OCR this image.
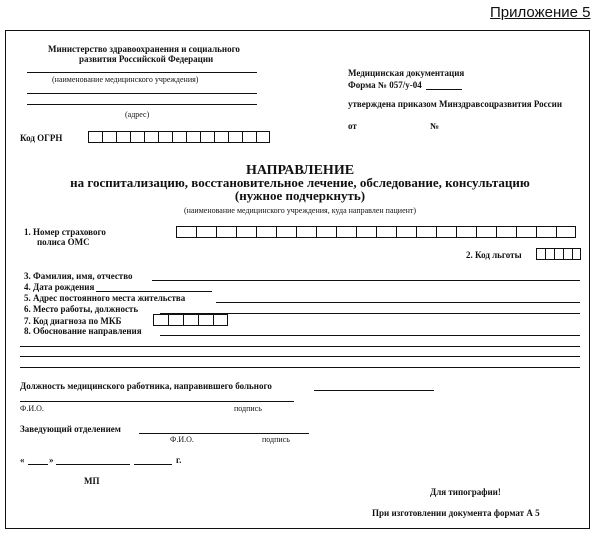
Приложение 5
Министерство здравоохранения и социального
развития Российской Федерации
(наименование медицинского учреждения)
(адрес)
Медицинская документация
Форма № 057/у-04
утверждена приказом Минздравсоцразвития России
от	№
Код ОГРН
НАПРАВЛЕНИЕ
на госпитализацию, восстановительное лечение, обследование, консультацию
(нужное подчеркнуть)
(наименование медицинского учреждения, куда направлен пациент)
1. Номер страхового
полиса ОМС
2. Код льготы
3. Фамилия, имя, отчество
4. Дата рождения
5. Адрес постоянного места жительства
6. Место работы, должность
7. Код диагноза по МКБ
8. Обоснование направления
Должность медицинского работника, направившего больного
Ф.И.О.	подпись
Заведующий отделением
Ф.И.О.	подпись
«	»	г.
МП
Для типографии!
При изготовлении документа формат А 5
